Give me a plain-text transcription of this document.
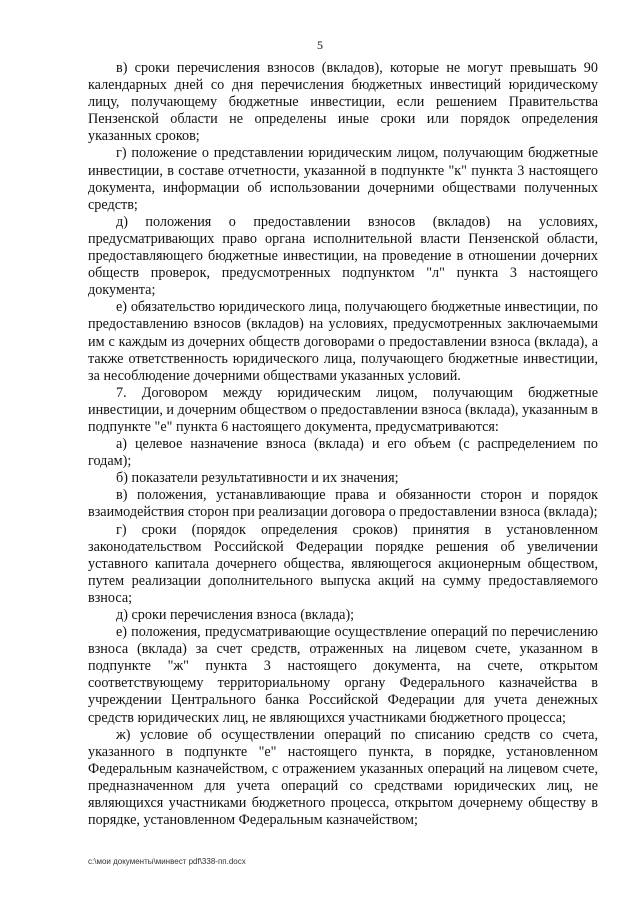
5

в) сроки перечисления взносов (вкладов), которые не могут превышать 90 календарных дней со дня перечисления бюджетных инвестиций юридическому лицу, получающему бюджетные инвестиции, если решением Правительства Пензенской области не определены иные сроки или порядок определения указанных сроков;

г) положение о представлении юридическим лицом, получающим бюджетные инвестиции, в составе отчетности, указанной в подпункте "к" пункта 3 настоящего документа, информации об использовании дочерними обществами полученных средств;

д) положения о предоставлении взносов (вкладов) на условиях, предусматривающих право органа исполнительной власти Пензенской области, предоставляющего бюджетные инвестиции, на проведение в отношении дочерних обществ проверок, предусмотренных подпунктом "л" пункта 3 настоящего документа;

е) обязательство юридического лица, получающего бюджетные инвестиции, по предоставлению взносов (вкладов) на условиях, предусмотренных заключаемыми им с каждым из дочерних обществ договорами о предоставлении взноса (вклада), а также ответственность юридического лица, получающего бюджетные инвестиции, за несоблюдение дочерними обществами указанных условий.

7. Договором между юридическим лицом, получающим бюджетные инвестиции, и дочерним обществом о предоставлении взноса (вклада), указанным в подпункте "е" пункта 6 настоящего документа, предусматриваются:

а) целевое назначение взноса (вклада) и его объем (с распределением по годам);

б) показатели результативности и их значения;

в) положения, устанавливающие права и обязанности сторон и порядок взаимодействия сторон при реализации договора о предоставлении взноса (вклада);

г) сроки (порядок определения сроков) принятия в установленном законодательством Российской Федерации порядке решения об увеличении уставного капитала дочернего общества, являющегося акционерным обществом, путем реализации дополнительного выпуска акций на сумму предоставляемого взноса;

д) сроки перечисления взноса (вклада);

е) положения, предусматривающие осуществление операций по перечислению взноса (вклада) за счет средств, отраженных на лицевом счете, указанном в подпункте "ж" пункта 3 настоящего документа, на счете, открытом соответствующему территориальному органу Федерального казначейства в учреждении Центрального банка Российской Федерации для учета денежных средств юридических лиц, не являющихся участниками бюджетного процесса;

ж) условие об осуществлении операций по списанию средств со счета, указанного в подпункте "е" настоящего пункта, в порядке, установленном Федеральным казначейством, с отражением указанных операций на лицевом счете, предназначенном для учета операций со средствами юридических лиц, не являющихся участниками бюджетного процесса, открытом дочернему обществу в порядке, установленном Федеральным казначейством;

c:\мои документы\минвест pdf\338-пп.docx
